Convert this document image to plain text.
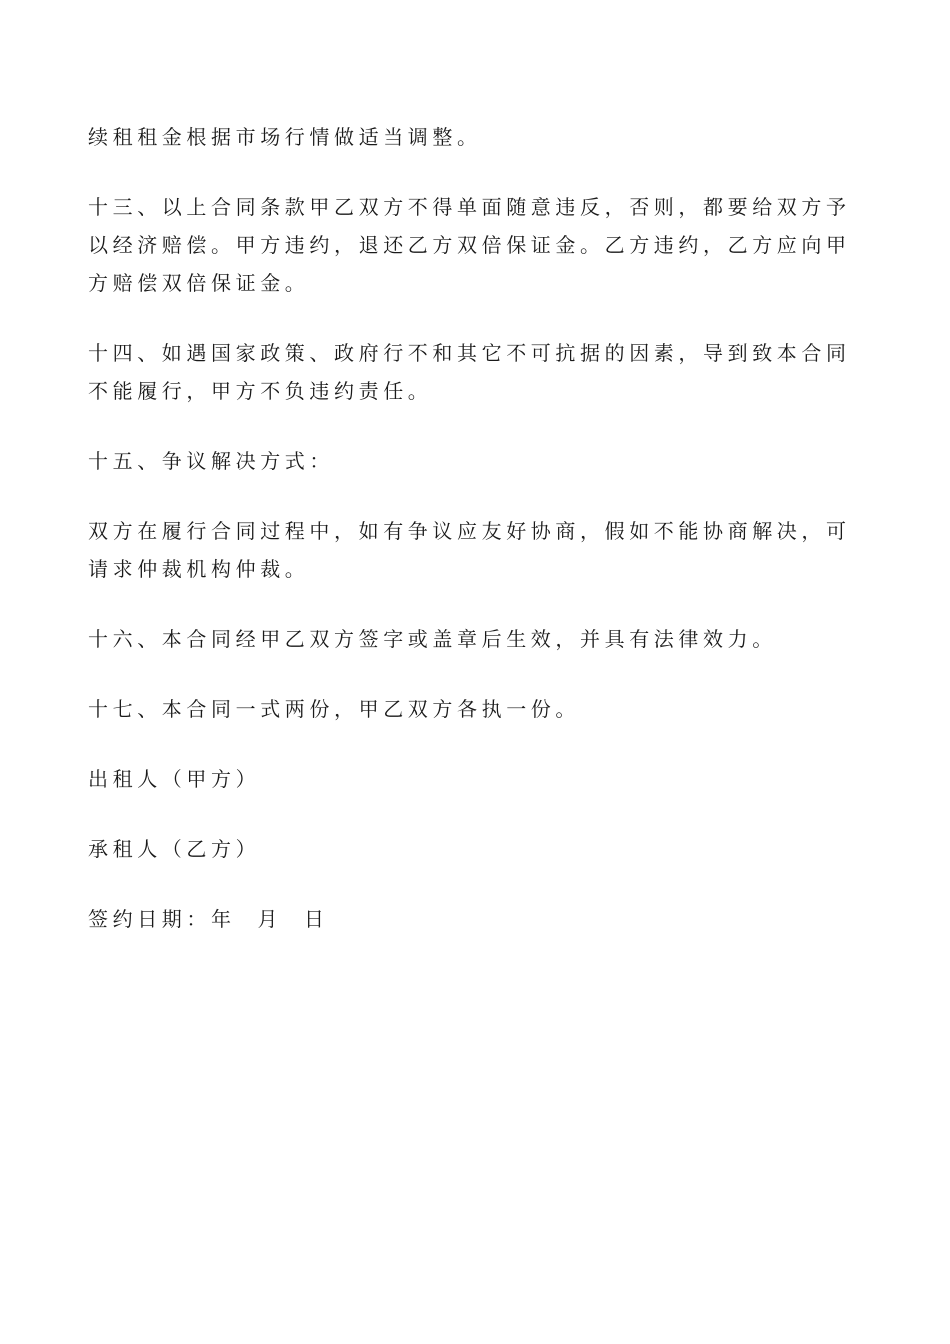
续租租金根据市场行情做适当调整。

十三、以上合同条款甲乙双方不得单面随意违反，否则，都要给双方予以经济赔偿。甲方违约，退还乙方双倍保证金。乙方违约，乙方应向甲方赔偿双倍保证金。

十四、如遇国家政策、政府行不和其它不可抗据的因素，导到致本合同不能履行，甲方不负违约责任。

十五、争议解决方式：

双方在履行合同过程中，如有争议应友好协商，假如不能协商解决，可请求仲裁机构仲裁。

十六、本合同经甲乙双方签字或盖章后生效，并具有法律效力。

十七、本合同一式两份，甲乙双方各执一份。

出租人（甲方）

承租人（乙方）

签约日期：年  月  日
